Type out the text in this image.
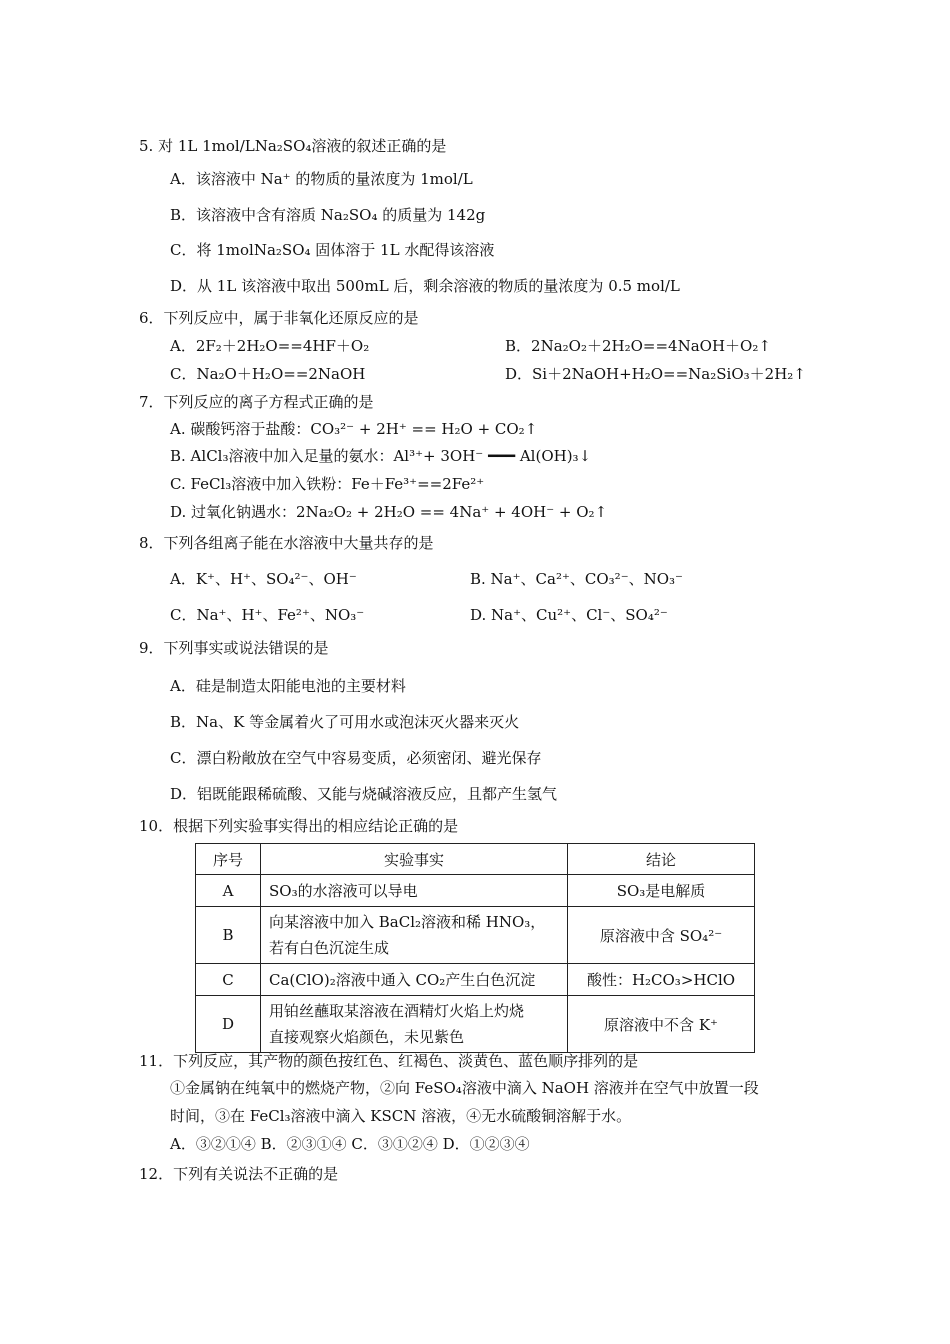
5. 对 1L 1mol/LNa₂SO₄溶液的叙述正确的是
A．该溶液中 Na⁺ 的物质的量浓度为 1mol/L
B．该溶液中含有溶质 Na₂SO₄ 的质量为 142g
C．将 1molNa₂SO₄ 固体溶于 1L 水配得该溶液
D．从 1L 该溶液中取出 500mL 后，剩余溶液的物质的量浓度为 0.5 mol/L
6．下列反应中，属于非氧化还原反应的是
A．2F₂＋2H₂O==4HF＋O₂	B．2Na₂O₂＋2H₂O==4NaOH＋O₂↑
C．Na₂O＋H₂O==2NaOH	D．Si＋2NaOH+H₂O==Na₂SiO₃＋2H₂↑
7．下列反应的离子方程式正确的是
A. 碳酸钙溶于盐酸：CO₃²⁻ + 2H⁺ == H₂O + CO₂↑
B. AlCl₃溶液中加入足量的氨水：Al³⁺+ 3OH⁻ ━━━ Al(OH)₃↓
C. FeCl₃溶液中加入铁粉：Fe＋Fe³⁺==2Fe²⁺
D. 过氧化钠遇水：2Na₂O₂ + 2H₂O == 4Na⁺ + 4OH⁻ + O₂↑
8．下列各组离子能在水溶液中大量共存的是
A．K⁺、H⁺、SO₄²⁻、OH⁻	B. Na⁺、Ca²⁺、CO₃²⁻、NO₃⁻
C．Na⁺、H⁺、Fe²⁺、NO₃⁻	D. Na⁺、Cu²⁺、Cl⁻、SO₄²⁻
9．下列事实或说法错误的是
A．硅是制造太阳能电池的主要材料
B．Na、K 等金属着火了可用水或泡沫灭火器来灭火
C．漂白粉敞放在空气中容易变质，必须密闭、避光保存
D．铝既能跟稀硫酸、又能与烧碱溶液反应，且都产生氢气
10．根据下列实验事实得出的相应结论正确的是
序号	实验事实	结论
A	SO₃的水溶液可以导电	SO₃是电解质
B	向某溶液中加入 BaCl₂溶液和稀 HNO₃，
若有白色沉淀生成	原溶液中含 SO₄²⁻
C	Ca(ClO)₂溶液中通入 CO₂产生白色沉淀	酸性：H₂CO₃>HClO
D	用铂丝蘸取某溶液在酒精灯火焰上灼烧
直接观察火焰颜色，未见紫色	原溶液中不含 K⁺
11．下列反应，其产物的颜色按红色、红褐色、淡黄色、蓝色顺序排列的是
①金属钠在纯氧中的燃烧产物，②向 FeSO₄溶液中滴入 NaOH 溶液并在空气中放置一段
时间，③在 FeCl₃溶液中滴入 KSCN 溶液，④无水硫酸铜溶解于水。
A．③②①④ B．②③①④ C．③①②④ D．①②③④
12．下列有关说法不正确的是
